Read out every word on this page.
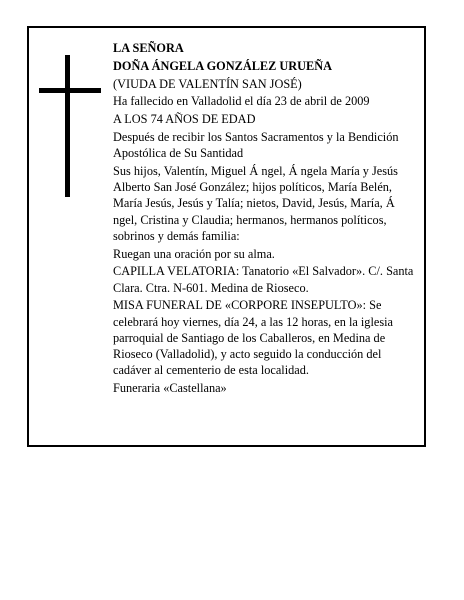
LA SEÑORA

DOÑA ÁNGELA GONZÁLEZ URUEÑA

(VIUDA DE VALENTÍN SAN JOSÉ)

Ha fallecido en Valladolid el día 23 de abril de 2009

A LOS 74 AÑOS DE EDAD

Después de recibir los Santos Sacramentos y la Bendición Apostólica de Su Santidad

Sus hijos, Valentín, Miguel Á ngel, Á ngela María y Jesús Alberto San José González; hijos políticos, María Belén, María Jesús, Jesús y Talía; nietos, David, Jesús, María, Á ngel, Cristina y Claudia; hermanos, hermanos políticos, sobrinos y demás familia:

Ruegan una oración por su alma.

CAPILLA VELATORIA: Tanatorio «El Salvador». C/. Santa Clara. Ctra. N-601. Medina de Rioseco.

MISA FUNERAL DE «CORPORE INSEPULTO»: Se celebrará hoy viernes, día 24, a las 12 horas, en la iglesia parroquial de Santiago de los Caballeros, en Medina de Rioseco (Valladolid), y acto seguido la conducción del cadáver al cementerio de esta localidad.

Funeraria «Castellana»
